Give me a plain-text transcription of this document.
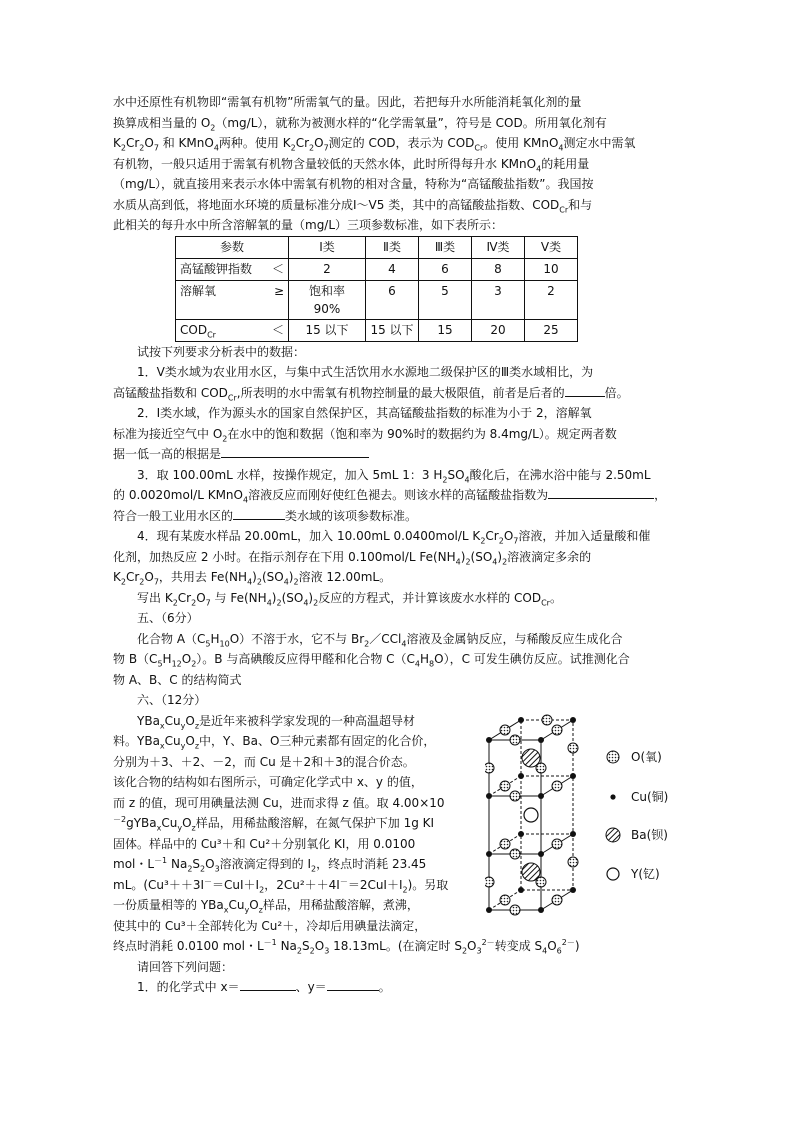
水中还原性有机物即“需氧有机物”所需氧气的量。因此，若把每升水所能消耗氧化剂的量

换算成相当量的 $O_2(mg/L)$，就称为被测水样的“化学需氧量”，符号是 COD。所用氧化剂有

$K_2Cr_2O_7$ 和 KMnO$_4$两种。使用 $K_2Cr_2O_7$测定的 COD，表示为 $COD_{Cr}$。使用 KMnO$_4$测定水中需氧

有机物，一般只适用于需氧有机物含量较低的天然水体，此时所得每升水 KMnO$_4$的耗用量

（mg/L），就直接用来表示水体中需氧有机物的相对含量，特称为“高锰酸盐指数”。我国按

水质从高到低，将地面水环境的质量标准分成Ⅰ～Ⅴ5 类，其中的高锰酸盐指数、$COD_{Cr}$和与

此相关的每升水中所含溶解氧的量（mg/L）三项参数标准，如下表所示：

参数	Ⅰ类	Ⅱ类	Ⅲ类	Ⅳ类	Ⅴ类
高锰酸钾指数 ＜	2	4	6	8	10
溶解氧 ≥	饱和率
90%	6	5	3	2
$COD_{Cr}$ ＜	15 以下	15 以下	15	20	25

试按下列要求分析表中的数据：

1．Ⅴ类水域为农业用水区，与集中式生活饮用水水源地二级保护区的Ⅲ类水域相比，为

高锰酸盐指数和 $COD_{Cr}$,所表明的水中需氧有机物控制量的最大极限值，前者是后者的	倍。

2．Ⅰ类水域，作为源头水的国家自然保护区，其高锰酸盐指数的标准为小于 2，溶解氧

标准为接近空气中 $O_2$在水中的饱和数据（饱和率为 90%时的数据约为 8.4mg/L）。规定两者数

据一低一高的根据是

3．取 100.00mL 水样，按操作规定，加入 5mL 1：3 $H_2SO_4$酸化后，在沸水浴中能与 2.50mL

的 0.0020mol/L KMnO$_4$溶液反应而刚好使红色褪去。则该水样的高锰酸盐指数为	，

符合一般工业用水区的	类水域的该项参数标准。

4．现有某废水样品 20.00mL，加入 10.00mL 0.0400mol/L $K_2Cr_2O_7$溶液，并加入适量酸和催

化剂，加热反应 2 小时。在指示剂存在下用 0.100mol/L $Fe(NH_4)_2(SO_4)_2$溶液滴定多余的

$K_2Cr_2O_7$，共用去 $Fe(NH_4)_2(SO_4)_2$溶液 12.00mL。

写出 $K_2Cr_2O_7$ 与 $Fe(NH_4)_2(SO_4)_2$反应的方程式，并计算该废水水样的 $COD_{Cr}$。

五、（6分）

化合物 $A(C_5H_{10}O)$不溶于水，它不与 $Br_2/CCl_4$溶液及金属钠反应，与稀酸反应生成化合

物 $B(C_5H_{12}O_2)$。B 与高碘酸反应得甲醛和化合物 $C(C_4H_8O)$，C 可发生碘仿反应。试推测化合

物 A、B、C 的结构简式

六、（12分）

$YBa_xCu_yO_z$是近年来被科学家发现的一种高温超导材

料。$YBa_xCu_yO_z$中，Y、Ba、O三种元素都有固定的化合价，

分别为＋3、＋2、－2，而 Cu 是＋2和＋3的混合价态。

该化合物的结构如右图所示，可确定化学式中 x、y 的值，

而 z 的值，现可用碘量法测 Cu，进而求得 z 值。取 4.00×10

$^{-2}gYBa_xCu_yO_z$样品，用稀盐酸溶解，在氮气保护下加 1g KI

固体。样品中的 Cu³＋和 Cu²＋分别氧化 KI，用 0.0100

mol・$L^{-1}$ $Na_2S_2O_3$溶液滴定得到的 $I_2$，终点时消耗 23.45

mL。($Cu^3++3I^-=CuI+I_2$，$2Cu^2++4I^-=2CuI+I_2$)。另取

一份质量相等的 $YBa_xCu_yO_z$样品，用稀盐酸溶解，煮沸，

使其中的 Cu³＋全部转化为 Cu²＋，冷却后用碘量法滴定，

终点时消耗 0.0100 mol・$L^{-1}$ $Na_2S_2O_3$ 18.13mL。(在滴定时 $S_2O_3^{2-}$转变成 $S_4O_6^{2-}$)

请回答下列问题：

1．的化学式中 x＝	、y＝	。

O(氧)
Cu(铜)
Ba(钡)
Y(钇)
